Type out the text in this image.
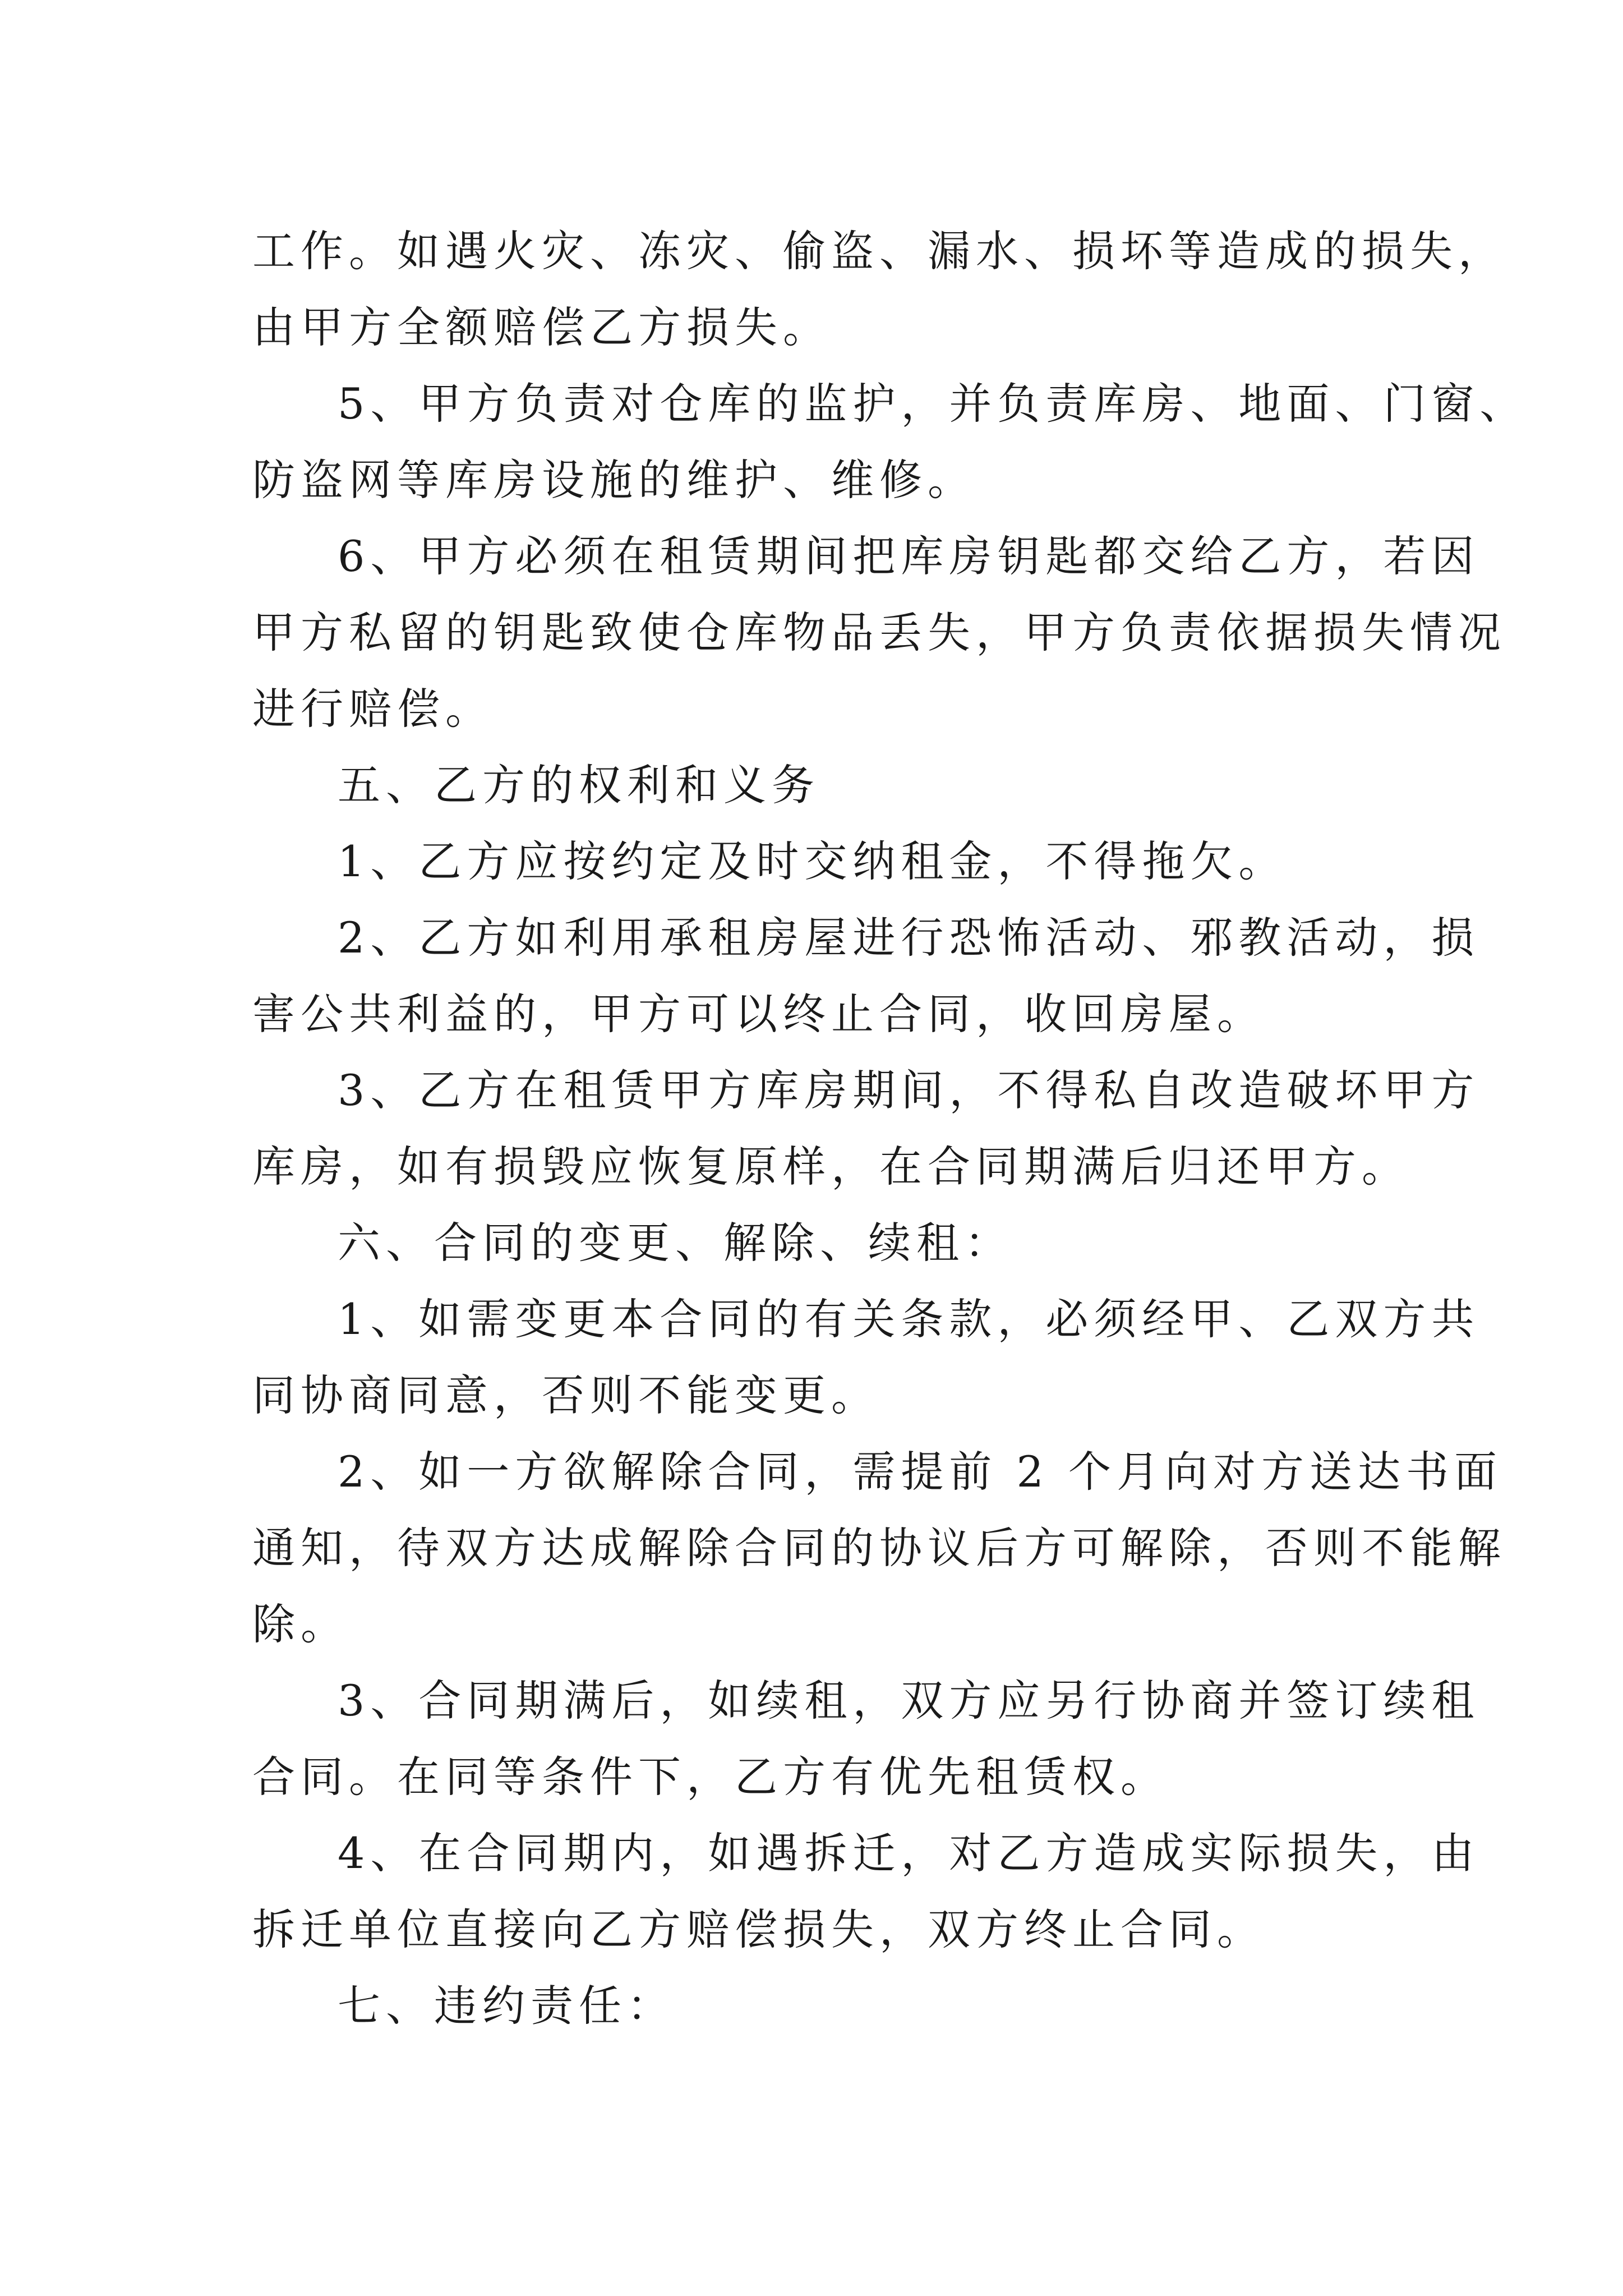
工作。如遇火灾、冻灾、偷盗、漏水、损坏等造成的损失，
由甲方全额赔偿乙方损失。
5、甲方负责对仓库的监护，并负责库房、地面、门窗、
防盗网等库房设施的维护、维修。
6、甲方必须在租赁期间把库房钥匙都交给乙方，若因
甲方私留的钥匙致使仓库物品丢失，甲方负责依据损失情况
进行赔偿。
五、乙方的权利和义务
1、乙方应按约定及时交纳租金，不得拖欠。
2、乙方如利用承租房屋进行恐怖活动、邪教活动，损
害公共利益的，甲方可以终止合同，收回房屋。
3、乙方在租赁甲方库房期间，不得私自改造破坏甲方
库房，如有损毁应恢复原样，在合同期满后归还甲方。
六、合同的变更、解除、续租：
1、如需变更本合同的有关条款，必须经甲、乙双方共
同协商同意，否则不能变更。
2、如一方欲解除合同，需提前 2 个月向对方送达书面
通知，待双方达成解除合同的协议后方可解除，否则不能解
除。
3、合同期满后，如续租，双方应另行协商并签订续租
合同。在同等条件下，乙方有优先租赁权。
4、在合同期内，如遇拆迁，对乙方造成实际损失，由
拆迁单位直接向乙方赔偿损失，双方终止合同。
七、违约责任：
